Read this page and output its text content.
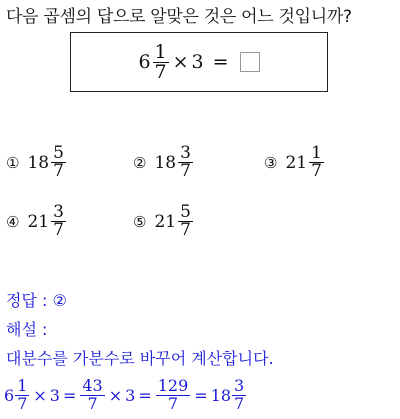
다음 곱셈의 답으로 알맞은 것은 어느 것입니까?
$6 \frac{1}{7} \times 3$ =
① $18 \frac{5}{7}$	② $18 \frac{3}{7}$	③ $21 \frac{1}{7}$
④ $21 \frac{3}{7}$	⑤ $21 \frac{5}{7}$
정답 : ②
해설 :
대분수를 가분수로 바꾸어 계산합니다.
$6 \frac{1}{7} \times 3 = \frac{43}{7} \times 3 = \frac{129}{7} = 18 \frac{3}{7}$
